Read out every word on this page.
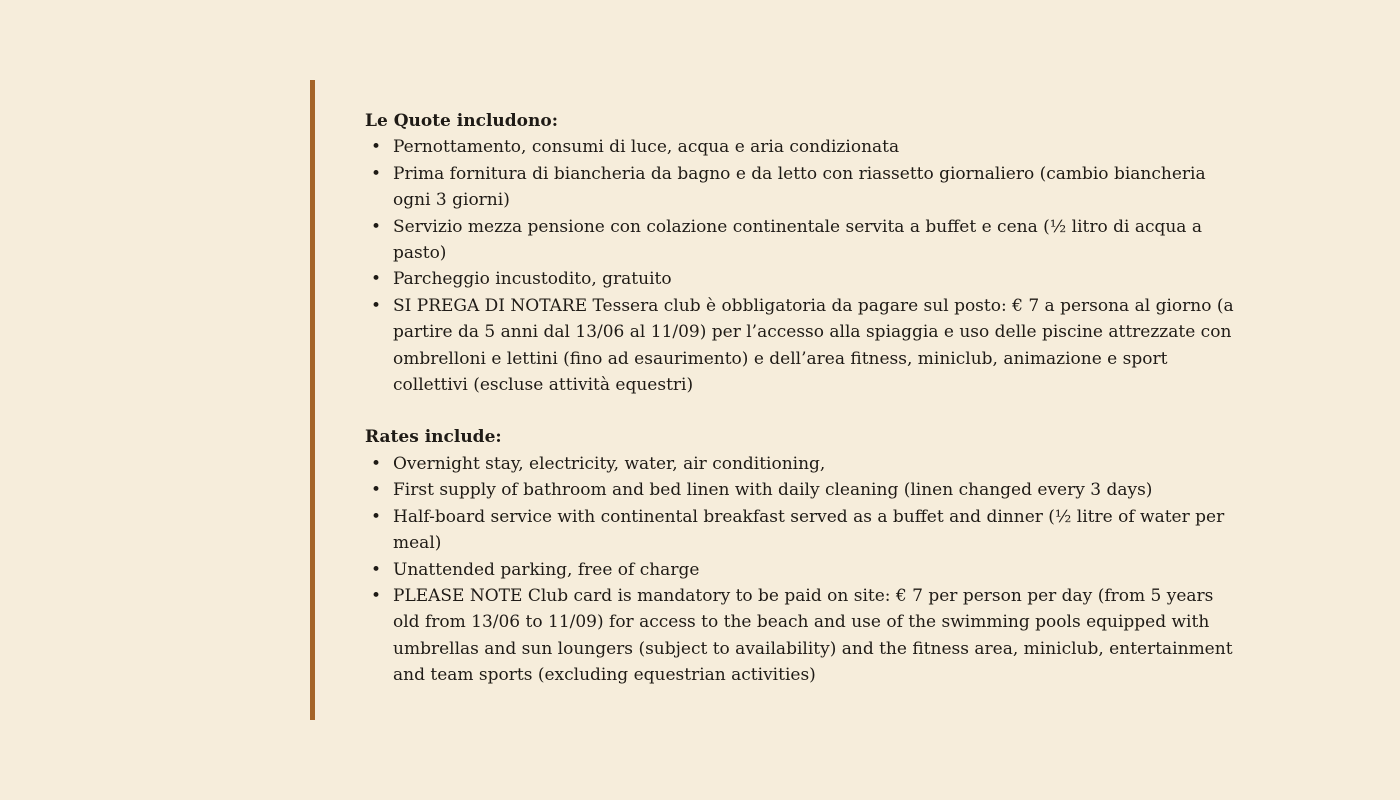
Le Quote includono:
• Pernottamento, consumi di luce, acqua e aria condizionata
• Prima fornitura di biancheria da bagno e da letto con riassetto giornaliero (cambio biancheria ogni 3 giorni)
• Servizio mezza pensione con colazione continentale servita a buffet e cena (½ litro di acqua a pasto)
• Parcheggio incustodito, gratuito
• SI PREGA DI NOTARE Tessera club è obbligatoria da pagare sul posto: € 7 a persona al giorno (a partire da 5 anni dal 13/06 al 11/09) per l’accesso alla spiaggia e uso delle piscine attrezzate con ombrelloni e lettini (fino ad esaurimento) e dell’area fitness, miniclub, animazione e sport collettivi (escluse attività equestri)
Rates include:
• Overnight stay, electricity, water, air conditioning,
• First supply of bathroom and bed linen with daily cleaning (linen changed every 3 days)
• Half-board service with continental breakfast served as a buffet and dinner (½ litre of water per meal)
• Unattended parking, free of charge
• PLEASE NOTE Club card is mandatory to be paid on site: € 7 per person per day (from 5 years old from 13/06 to 11/09) for access to the beach and use of the swimming pools equipped with umbrellas and sun loungers (subject to availability) and the fitness area, miniclub, entertainment and team sports (excluding equestrian activities)
